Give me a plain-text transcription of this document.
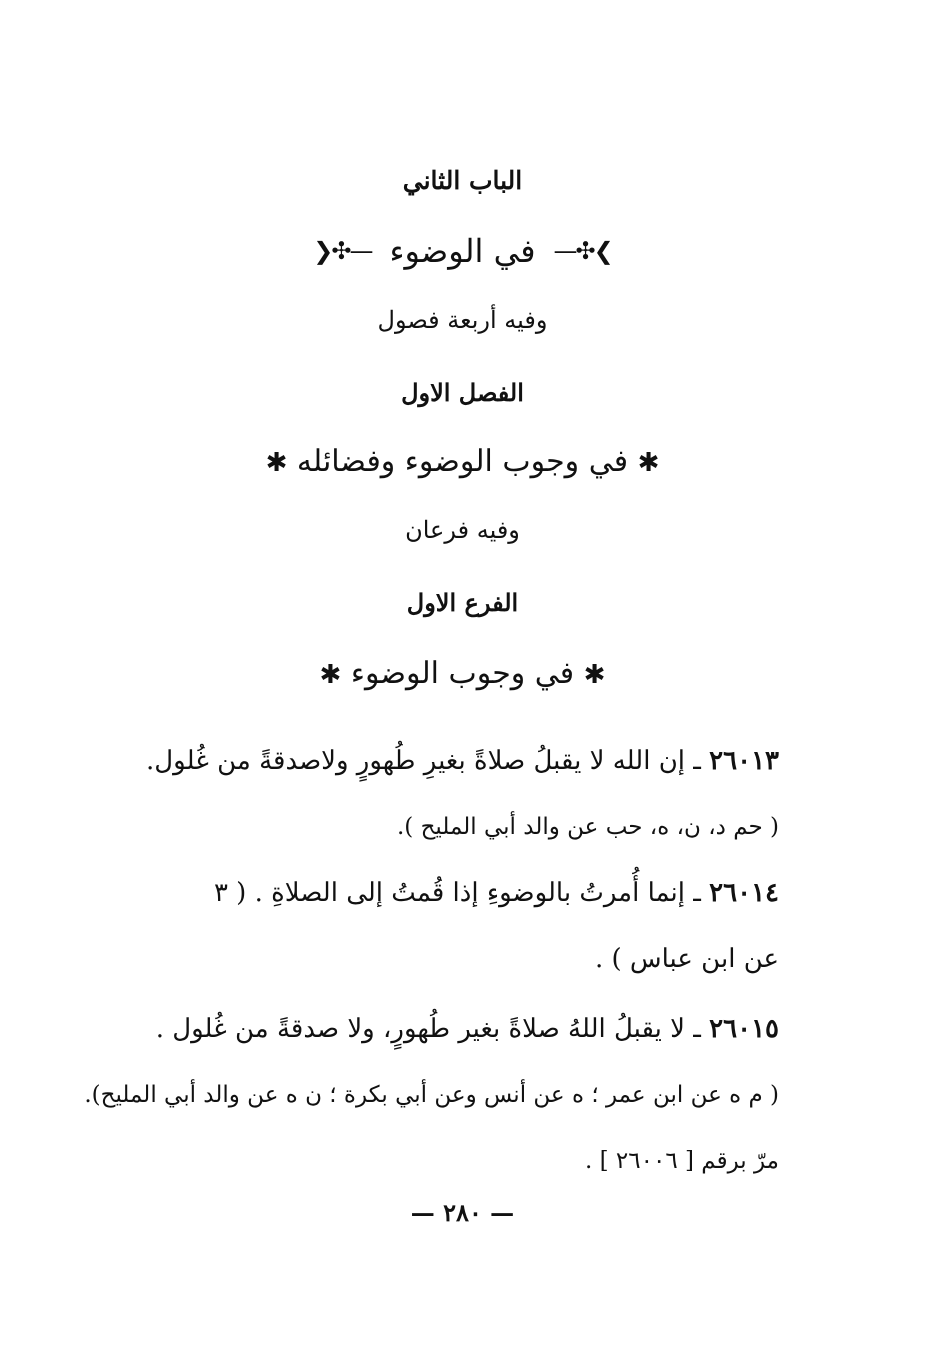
الباب الثاني
—✣❮
في الوضوء
❯✣—
وفيه أربعة فصول
الفصل الاول
✱ في وجوب الوضوء وفضائله ✱
وفيه فرعان
الفرع الاول
✱ في وجوب الوضوء ✱
٢٦٠١٣ ـ إن الله لا يقبلُ صلاةً بغيرِ طُهورٍ ولاصدقةً من غُلول.
( حم د، ن، ه، حب عن والد أبي المليح ).
٢٦٠١٤ ـ إنما أُمرتُ بالوضوءِ إذا قُمتُ إلى الصلاةِ . ( ٣
عن ابن عباس ) .
٢٦٠١٥ ـ لا يقبلُ اللهُ صلاةً بغير طُهورٍ، ولا صدقةً من غُلول .
( م ه عن ابن عمر ؛ ه عن أنس وعن أبي بكرة ؛ ن ه عن والد أبي المليح).
مرّ برقم [ ٢٦٠٠٦ ] .
— ٢٨٠ —
